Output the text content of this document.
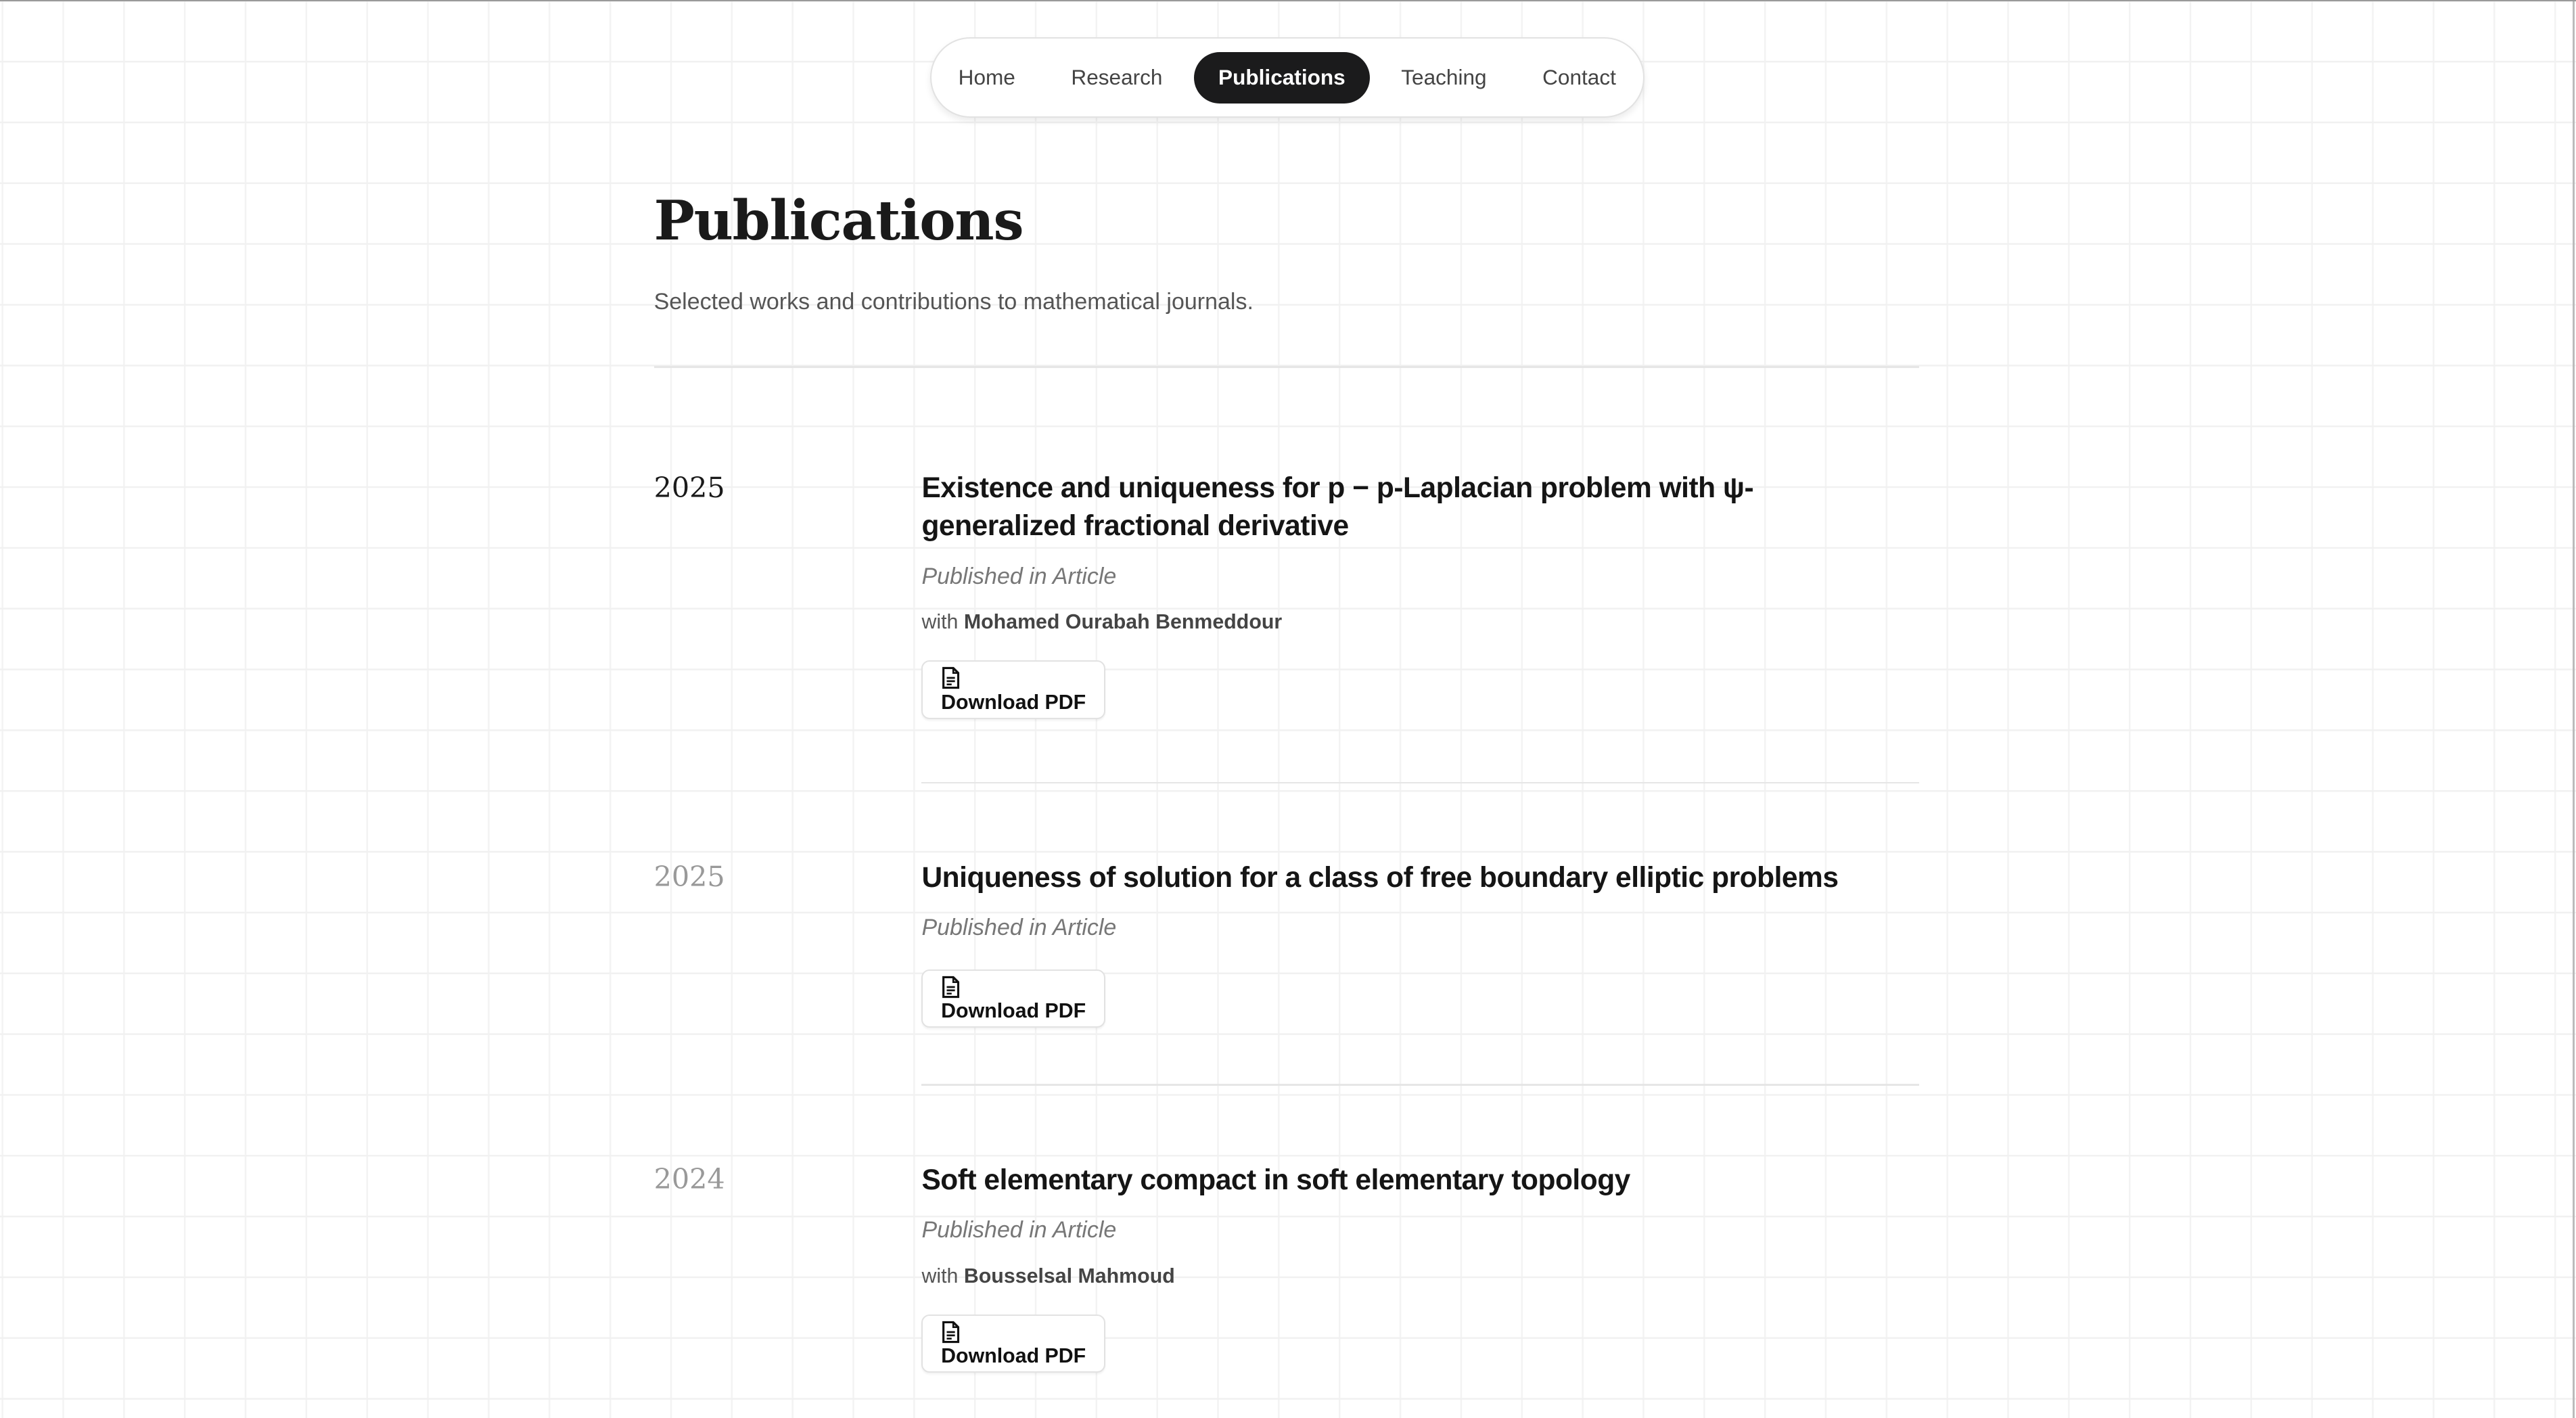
Home	Research	Publications	Teaching	Contact
Publications
Selected works and contributions to mathematical journals.
2025	Existence and uniqueness for p − p-Laplacian problem with ψ-generalized fractional derivative
Published in Article
with Mohamed Ourabah Benmeddour
Download PDF
2025	Uniqueness of solution for a class of free boundary elliptic problems
Published in Article
Download PDF
2024	Soft elementary compact in soft elementary topology
Published in Article
with Bousselsal Mahmoud
Download PDF
